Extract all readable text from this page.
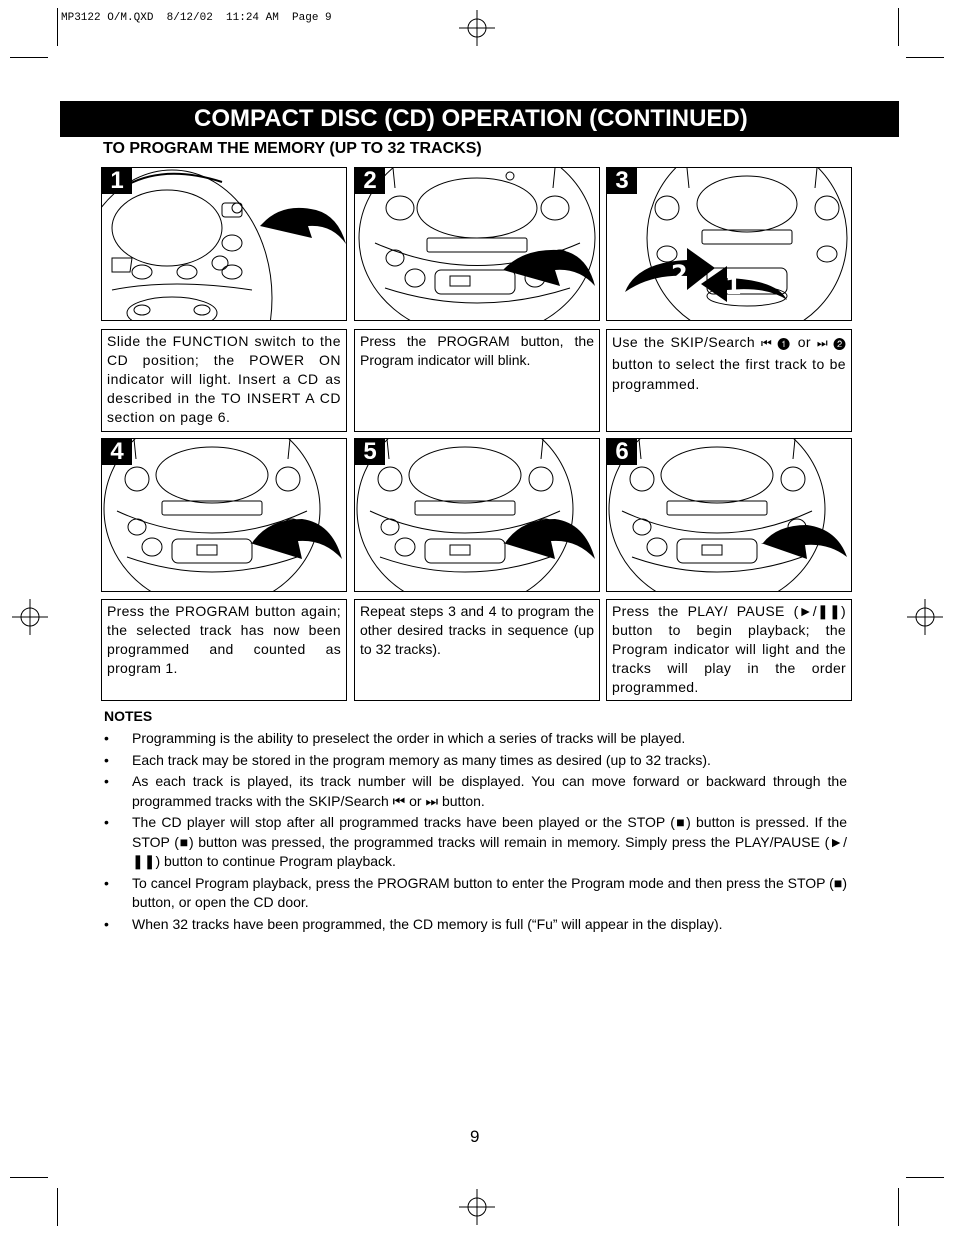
MP3122 O/M.QXD  8/12/02  11:24 AM  Page 9
COMPACT DISC (CD) OPERATION (CONTINUED)
TO PROGRAM THE MEMORY (UP TO 32 TRACKS)
1	2	3
2 1
Slide the FUNCTION switch to the CD position; the POWER ON indicator will light. Insert a CD as described in the TO INSERT A CD section on page 6.
Press the PROGRAM button, the Program indicator will blink.
Use the SKIP/Search ⏮ ❶ or ⏭ ❷ button to select the first track to be programmed.
4	5	6
Press the PROGRAM button again; the selected track has now been programmed and counted as program 1.
Repeat steps 3 and 4 to program the other desired tracks in sequence (up to 32 tracks).
Press the PLAY/ PAUSE (►/❚❚) button to begin playback; the Program indicator will light and the tracks will play in the order programmed.
NOTES
• Programming is the ability to preselect the order in which a series of tracks will be played.
• Each track may be stored in the program memory as many times as desired (up to 32 tracks).
• As each track is played, its track number will be displayed. You can move forward or backward through the programmed tracks with the SKIP/Search ⏮ or ⏭ button.
• The CD player will stop after all programmed tracks have been played or the STOP (■) button is pressed. If the STOP (■) button was pressed, the programmed tracks will remain in memory. Simply press the PLAY/PAUSE (►/❚❚) button to continue Program playback.
• To cancel Program playback, press the PROGRAM button to enter the Program mode and then press the STOP (■) button, or open the CD door.
• When 32 tracks have been programmed, the CD memory is full (“Fu” will appear in the display).
9
